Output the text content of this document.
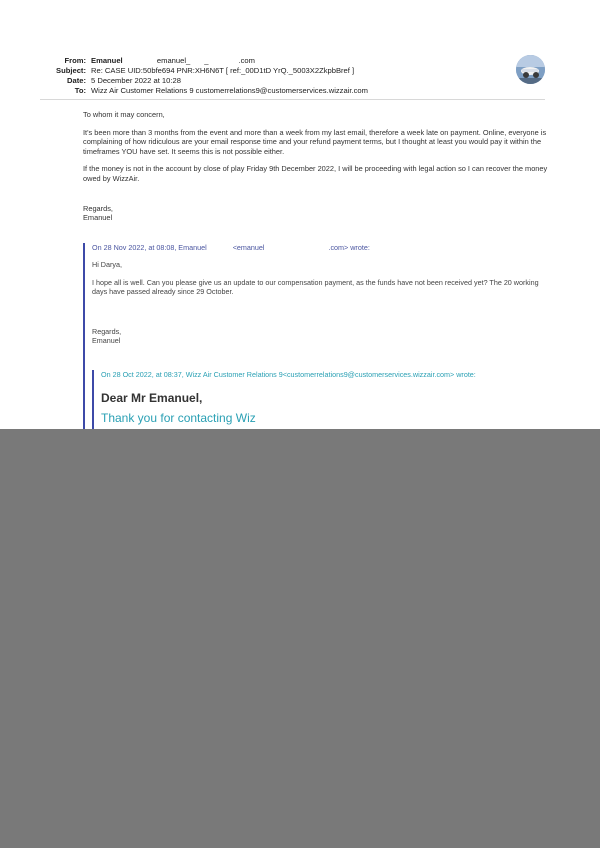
From: Emanuel	emanuel_ _	.com
Subject: Re: CASE UID:50bfe694 PNR:XH6N6T [ ref:_00D1tD YrQ._5003X2ZkpbBref ]
Date: 5 December 2022 at 10:28
To: Wizz Air Customer Relations 9 customerrelations9@customerservices.wizzair.com

To whom it may concern,

It's been more than 3 months from the event and more than a week from my last email, therefore a week late on payment. Online, everyone is complaining of how ridiculous are your email response time and your refund payment terms, but I thought at least you would pay it within the timeframes YOU have set. It seems this is not possible either.

If the money is not in the account by close of play Friday 9th December 2022, I will be proceeding with legal action so I can recover the money owed by WizzAir.

Regards,
Emanuel

On 28 Nov 2022, at 08:08, Emanuel	<emanuel	.com> wrote:

Hi Darya,

I hope all is well. Can you please give us an update to our compensation payment, as the funds have not been received yet? The 20 working days have passed already since 29 October.

Regards,
Emanuel
On 28 Oct 2022, at 08:37, Wizz Air Customer Relations 9<customerrelations9@customerservices.wizzair.com> wrote:
Dear Mr Emanuel,
Thank you for contacting Wiz
